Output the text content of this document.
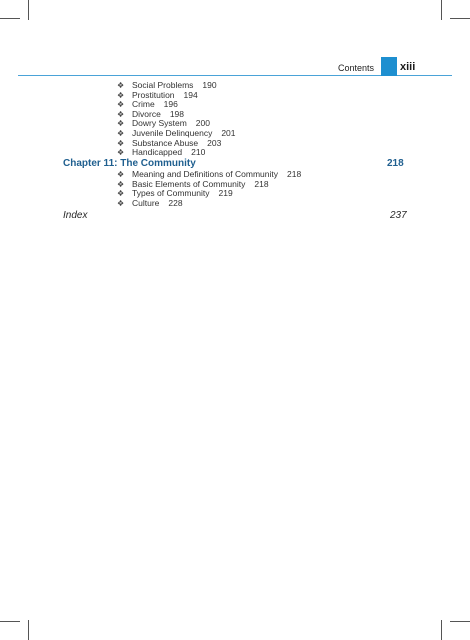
Contents xiii
❖ Social Problems 190
❖ Prostitution 194
❖ Crime 196
❖ Divorce 198
❖ Dowry System 200
❖ Juvenile Delinquency 201
❖ Substance Abuse 203
❖ Handicapped 210
Chapter 11: The Community	218
❖ Meaning and Definitions of Community 218
❖ Basic Elements of Community 218
❖ Types of Community 219
❖ Culture 228
Index	237
